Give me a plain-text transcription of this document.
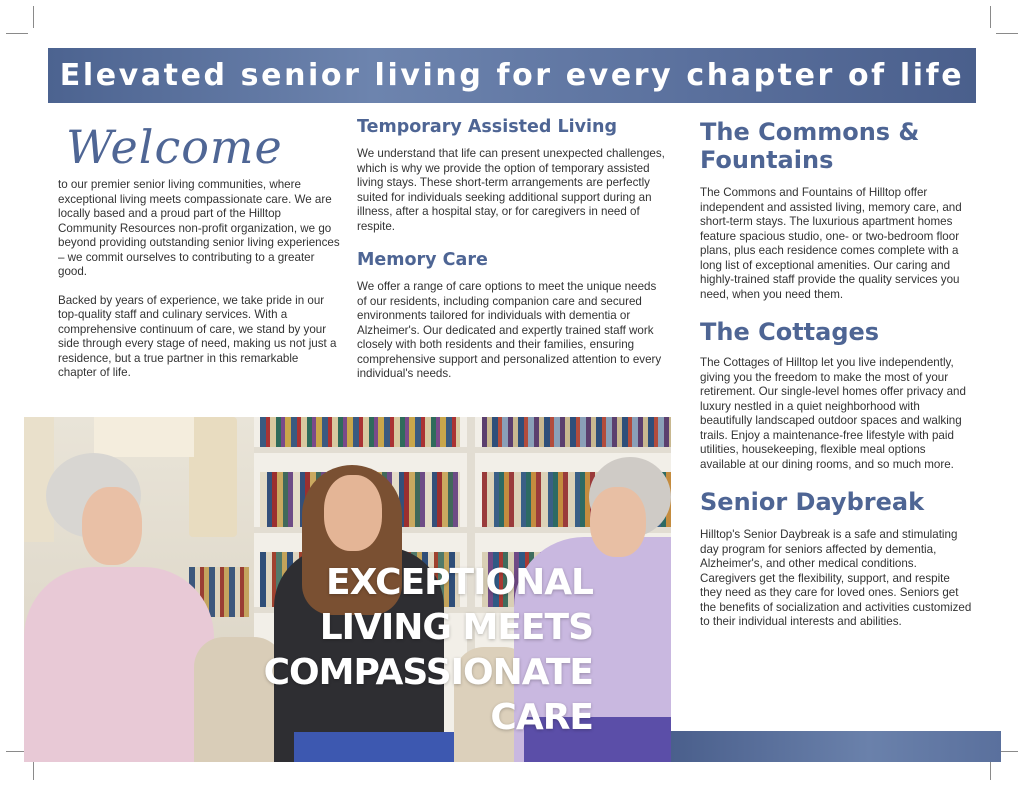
Elevated senior living for every chapter of life
Welcome

to our premier senior living communities, where exceptional living meets compassionate care. We are locally based and a proud part of the Hilltop Community Resources non-profit organization, we go beyond providing outstanding senior living experiences – we commit ourselves to contributing to a greater good.

Backed by years of experience, we take pride in our top-quality staff and culinary services. With a comprehensive continuum of care, we stand by your side through every stage of need, making us not just a residence, but a true partner in this remarkable chapter of life.

Temporary Assisted Living

We understand that life can present unexpected challenges, which is why we provide the option of temporary assisted living stays. These short-term arrangements are perfectly suited for individuals seeking additional support during an illness, after a hospital stay, or for caregivers in need of respite.

Memory Care

We offer a range of care options to meet the unique needs of our residents, including companion care and secured environments tailored for individuals with dementia or Alzheimer's. Our dedicated and expertly trained staff work closely with both residents and their families, ensuring comprehensive support and personalized attention to every individual's needs.

The Commons & Fountains

The Commons and Fountains of Hilltop offer independent and assisted living, memory care, and short-term stays. The luxurious apartment homes feature spacious studio, one- or two-bedroom floor plans, plus each residence comes complete with a long list of exceptional amenities. Our caring and highly-trained staff provide the quality services you need, when you need them.

The Cottages

The Cottages of Hilltop let you live independently, giving you the freedom to make the most of your retirement. Our single-level homes offer privacy and luxury nestled in a quiet neighborhood with beautifully landscaped outdoor spaces and walking trails. Enjoy a maintenance-free lifestyle with paid utilities, housekeeping, flexible meal options available at our dining rooms, and so much more.

Senior Daybreak

Hilltop's Senior Daybreak is a safe and stimulating day program for seniors affected by dementia, Alzheimer's, and other medical conditions. Caregivers get the flexibility, support, and respite they need as they care for loved ones. Seniors get the benefits of socialization and activities customized to their individual interests and abilities.

EXCEPTIONAL
LIVING MEETS
COMPASSIONATE
CARE
